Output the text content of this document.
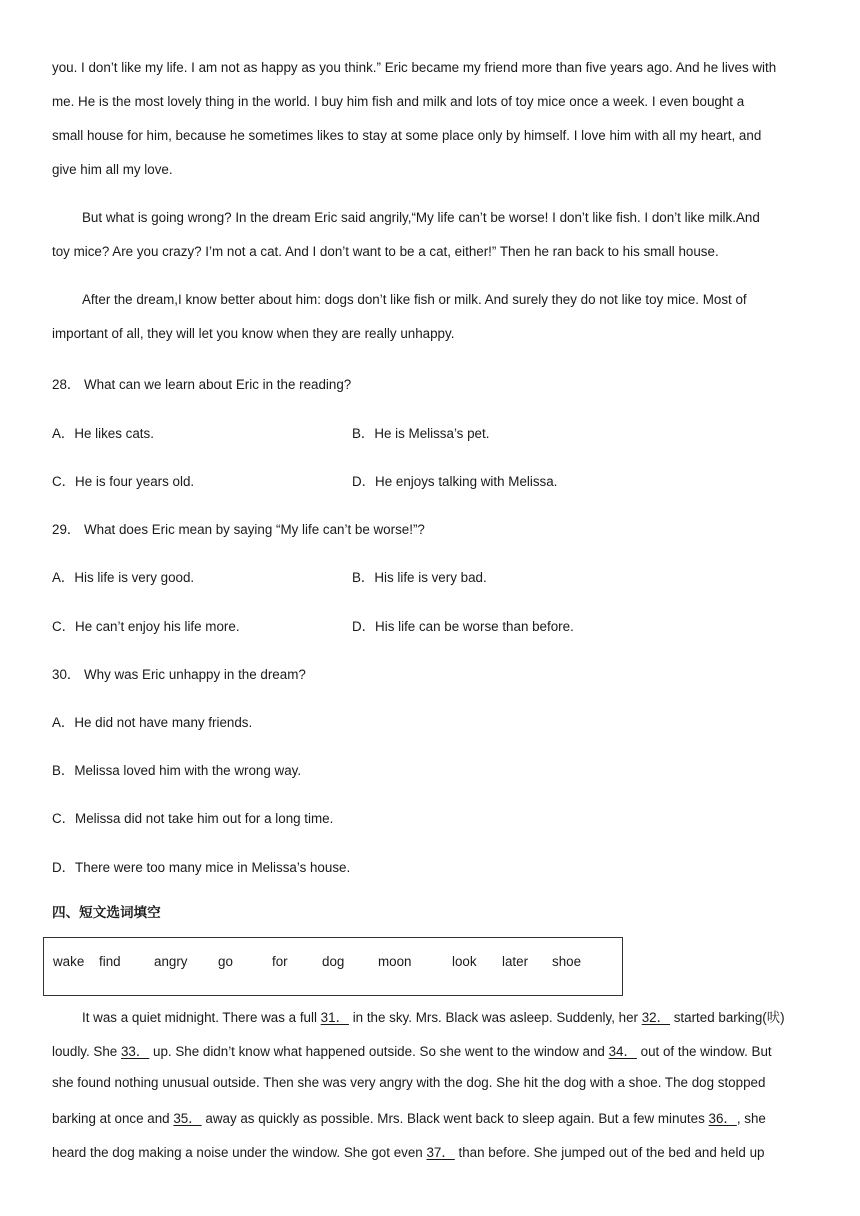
you. I don’t like my life. I am not as happy as you think.” Eric became my friend more than five years ago. And he lives with
me. He is the most lovely thing in the world. I buy him fish and milk and lots of toy mice once a week. I even bought a
small house for him, because he sometimes likes to stay at some place only by himself. I love him with all my heart, and
give him all my love.
But what is going wrong? In the dream Eric said angrily,“My life can’t be worse! I don’t like fish. I don’t like milk.And
toy mice? Are you crazy? I’m not a cat. And I don’t want to be a cat, either!” Then he ran back to his small house.
After the dream,I know better about him: dogs don’t like fish or milk. And surely they do not like toy mice. Most of
important of all, they will let you know when they are really unhappy.
28． What can we learn about Eric in the reading?
A．He likes cats.	B．He is Melissa’s pet.
C．He is four years old.	D．He enjoys talking with Melissa.
29． What does Eric mean by saying “My life can’t be worse!”?
A．His life is very good.	B．His life is very bad.
C．He can’t enjoy his life more.	D．His life can be worse than before.
30． Why was Eric unhappy in the dream?
A．He did not have many friends.
B．Melissa loved him with the wrong way.
C．Melissa did not take him out for a long time.
D．There were too many mice in Melissa’s house.
四、短文选词填空
It was a quiet midnight. There was a full 31． in the sky. Mrs. Black was asleep. Suddenly, her 32． started barking(吠)
loudly. She 33． up. She didn’t know what happened outside. So she went to the window and 34． out of the window. But
she found nothing unusual outside. Then she was very angry with the dog. She hit the dog with a shoe. The dog stopped
barking at once and 35． away as quickly as possible. Mrs. Black went back to sleep again. But a few minutes 36．, she
heard the dog making a noise under the window. She got even 37． than before. She jumped out of the bed and held up
wake	find	angry	go	for	dog	moon	look	later	shoe
